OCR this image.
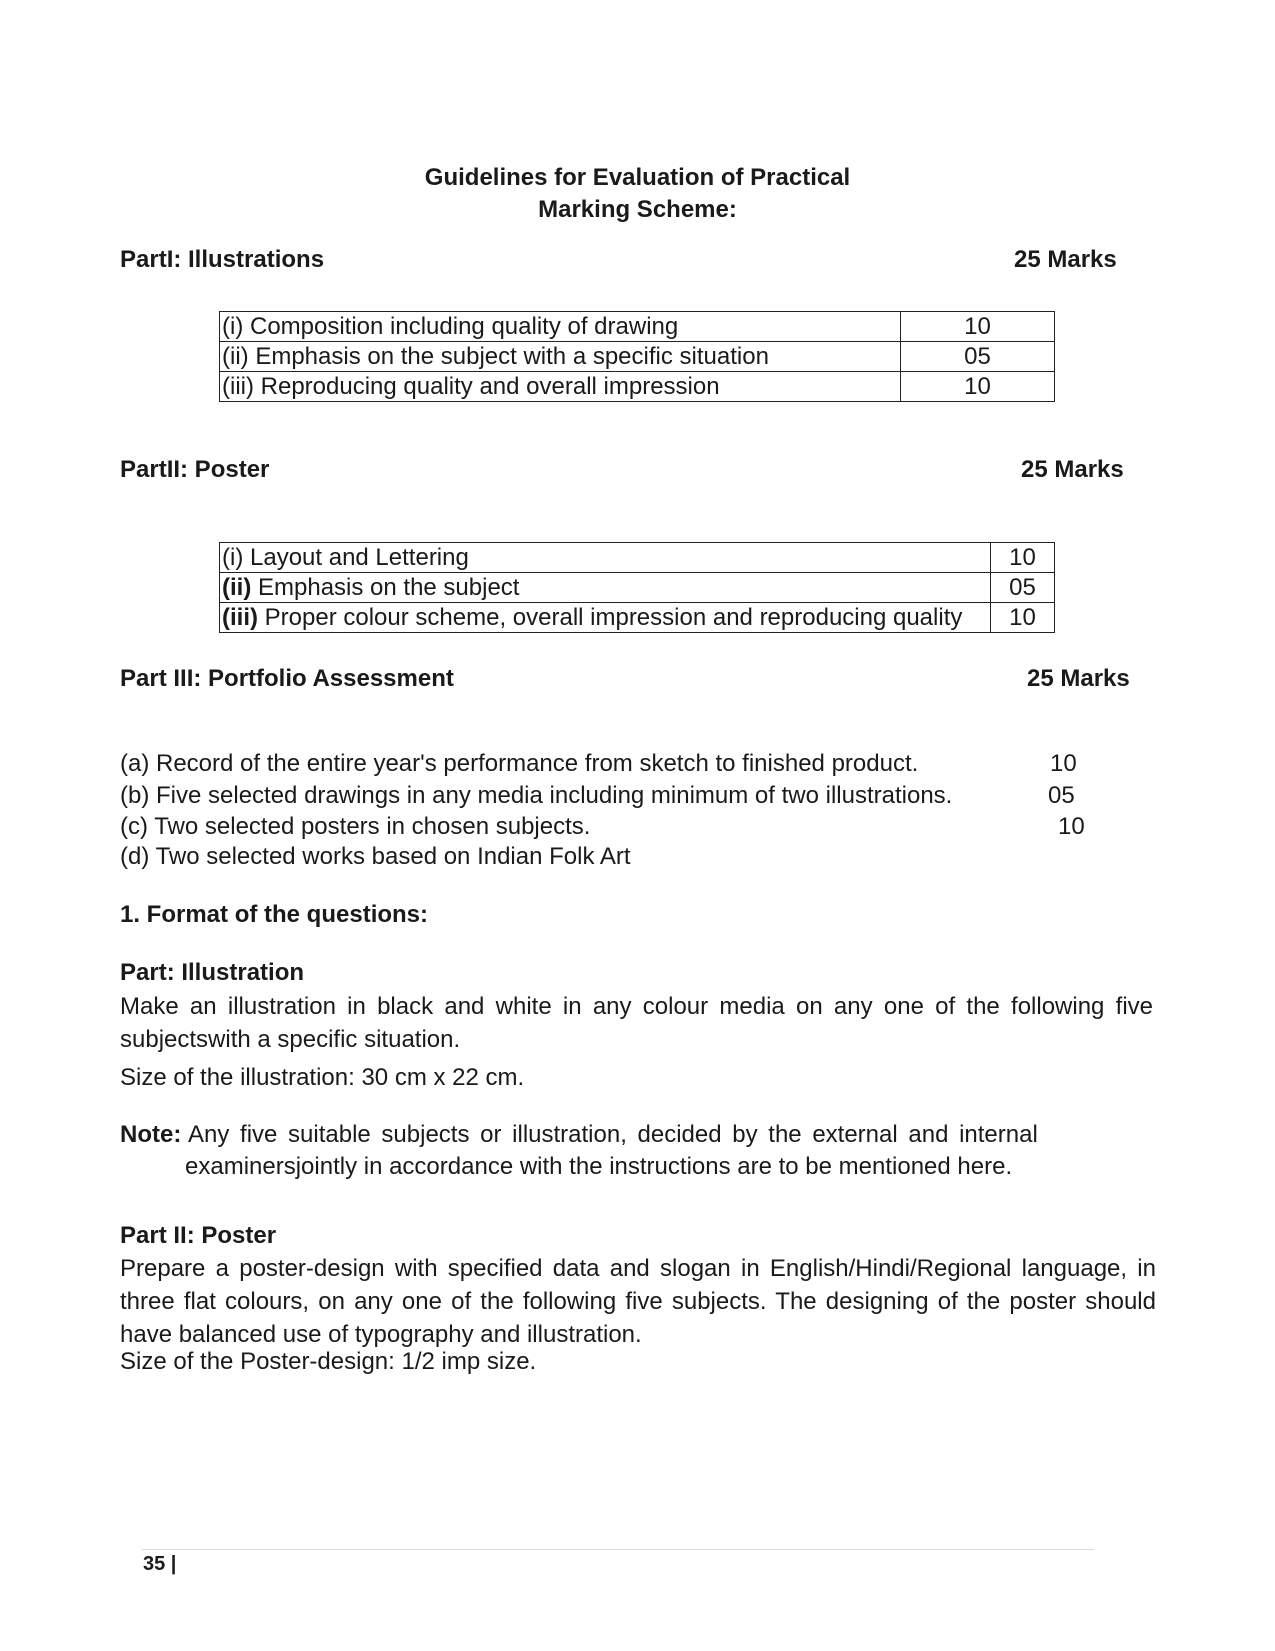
Guidelines for Evaluation of Practical
Marking Scheme:
PartI: Illustrations	25 Marks
(i) Composition including quality of drawing	10
(ii) Emphasis on the subject with a specific situation	05
(iii) Reproducing quality and overall impression	10
PartII: Poster	25 Marks
(i) Layout and Lettering	10
(ii) Emphasis on the subject	05
(iii) Proper colour scheme, overall impression and reproducing quality	10
Part III: Portfolio Assessment	25 Marks
(a) Record of the entire year's performance from sketch to finished product.	10
(b) Five selected drawings in any media including minimum of two illustrations.	05
(c) Two selected posters in chosen subjects.	10
(d) Two selected works based on Indian Folk Art
1. Format of the questions:
Part: Illustration
Make an illustration in black and white in any colour media on any one of the following five subjectswith a specific situation.
Size of the illustration: 30 cm x 22 cm.
Note: Any five suitable subjects or illustration, decided by the external and internal
examinersjointly in accordance with the instructions are to be mentioned here.
Part II: Poster
Prepare a poster-design with specified data and slogan in English/Hindi/Regional language, in three flat colours, on any one of the following five subjects. The designing of the poster should have balanced use of typography and illustration.
Size of the Poster-design: 1/2 imp size.
35 |
